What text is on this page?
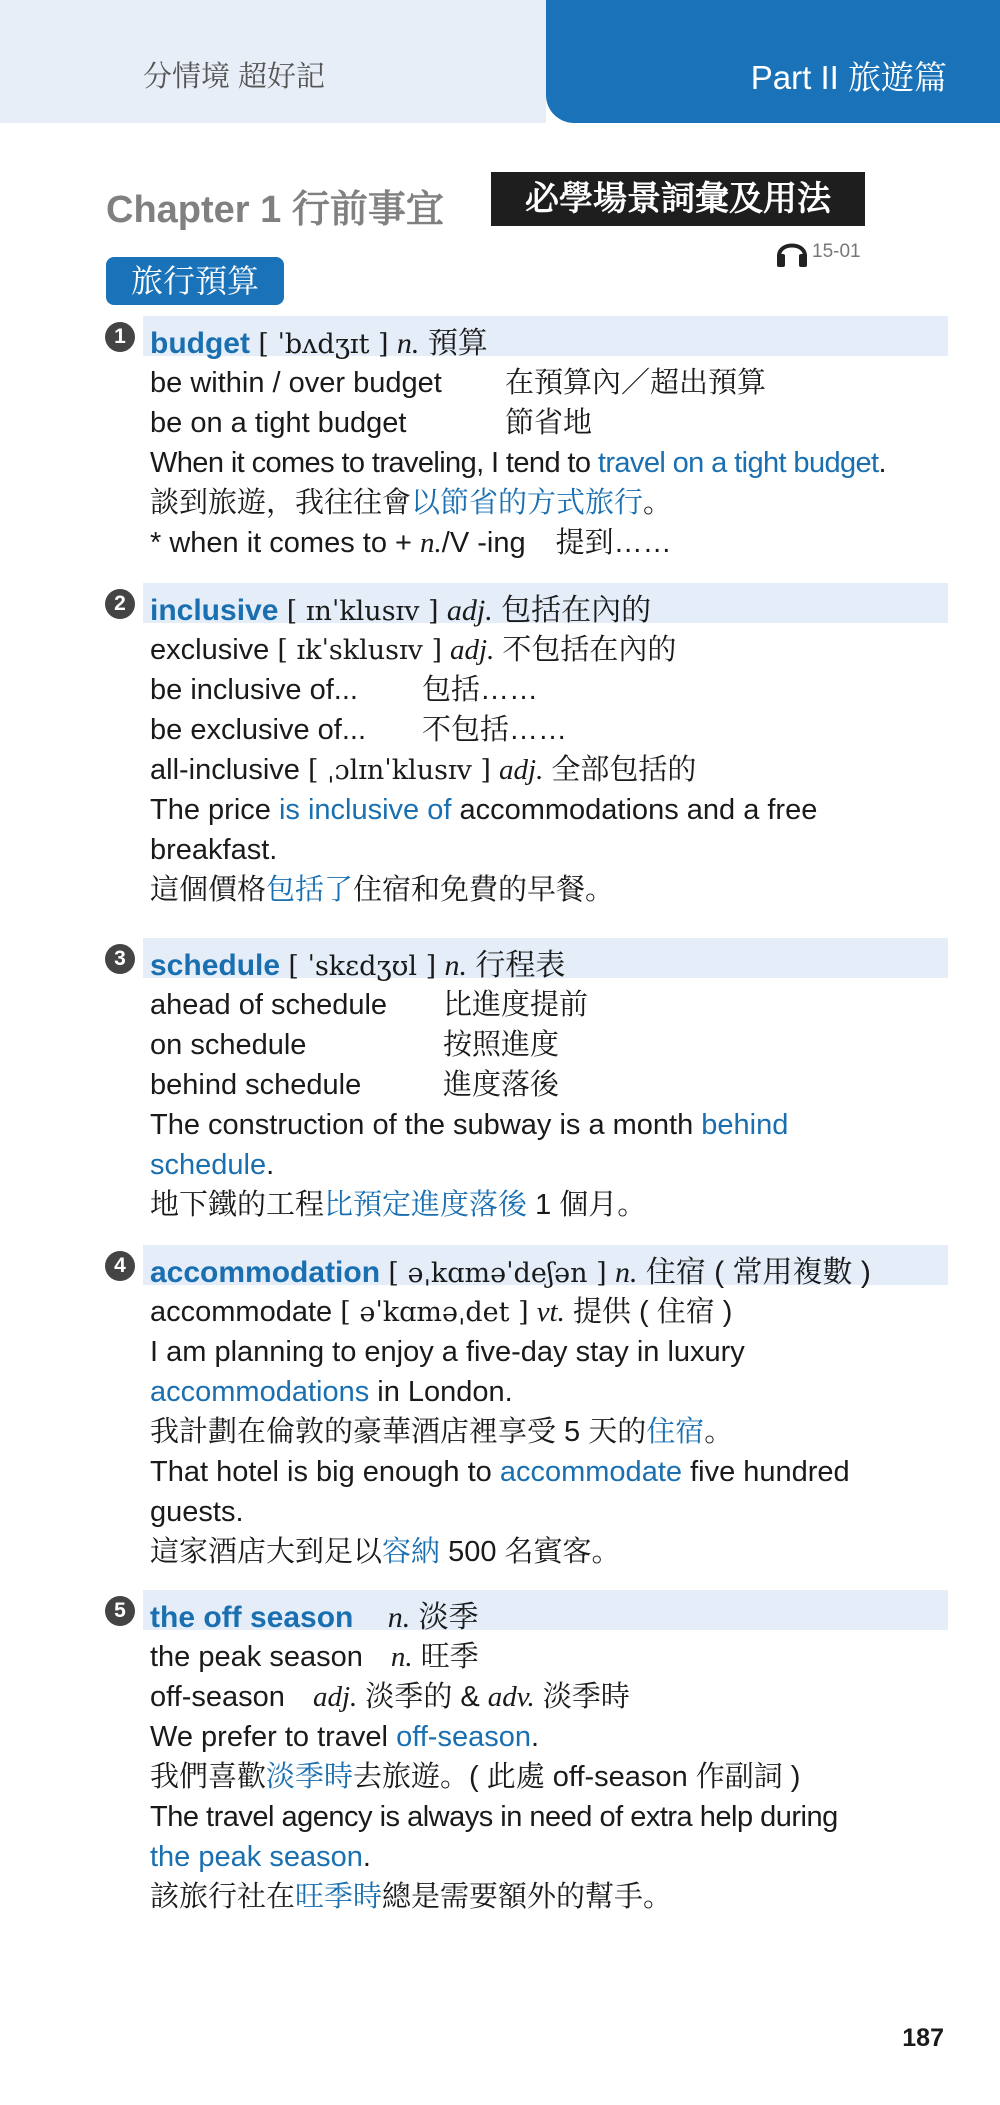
分情境 超好記	Part II 旅遊篇
Chapter 1 行前事宜	必學場景詞彙及用法
15-01
旅行預算
1 budget [ ˈbʌdʒɪt ] n. 預算
be within / over budget 在預算內／超出預算
be on a tight budget	節省地
When it comes to traveling, I tend to travel on a tight budget.
談到旅遊，我往往會以節省的方式旅行。
* when it comes to + n./V -ing 提到……
2 inclusive [ ɪnˈklusɪv ] adj. 包括在內的
exclusive [ ɪkˈsklusɪv ] adj. 不包括在內的
be inclusive of... 包括……
be exclusive of... 不包括……
all-inclusive [ ˌɔlɪnˈklusɪv ] adj. 全部包括的
The price is inclusive of accommodations and a free
breakfast.
這個價格包括了住宿和免費的早餐。
3 schedule [ ˈskɛdʒʊl ] n. 行程表
ahead of schedule 比進度提前
on schedule	按照進度
behind schedule	進度落後
The construction of the subway is a month behind
schedule.
地下鐵的工程比預定進度落後 1 個月。
4 accommodation [ əˌkɑməˈdeʃən ] n. 住宿 ( 常用複數 )
accommodate [ əˈkɑməˌdet ] vt. 提供 ( 住宿 )
I am planning to enjoy a five-day stay in luxury
accommodations in London.
我計劃在倫敦的豪華酒店裡享受 5 天的住宿。
That hotel is big enough to accommodate five hundred
guests.
這家酒店大到足以容納 500 名賓客。
5 the off season n. 淡季
the peak season n. 旺季
off-season adj. 淡季的 & adv. 淡季時
We prefer to travel off-season.
我們喜歡淡季時去旅遊。( 此處 off-season 作副詞 )
The travel agency is always in need of extra help during
the peak season.
該旅行社在旺季時總是需要額外的幫手。
187
